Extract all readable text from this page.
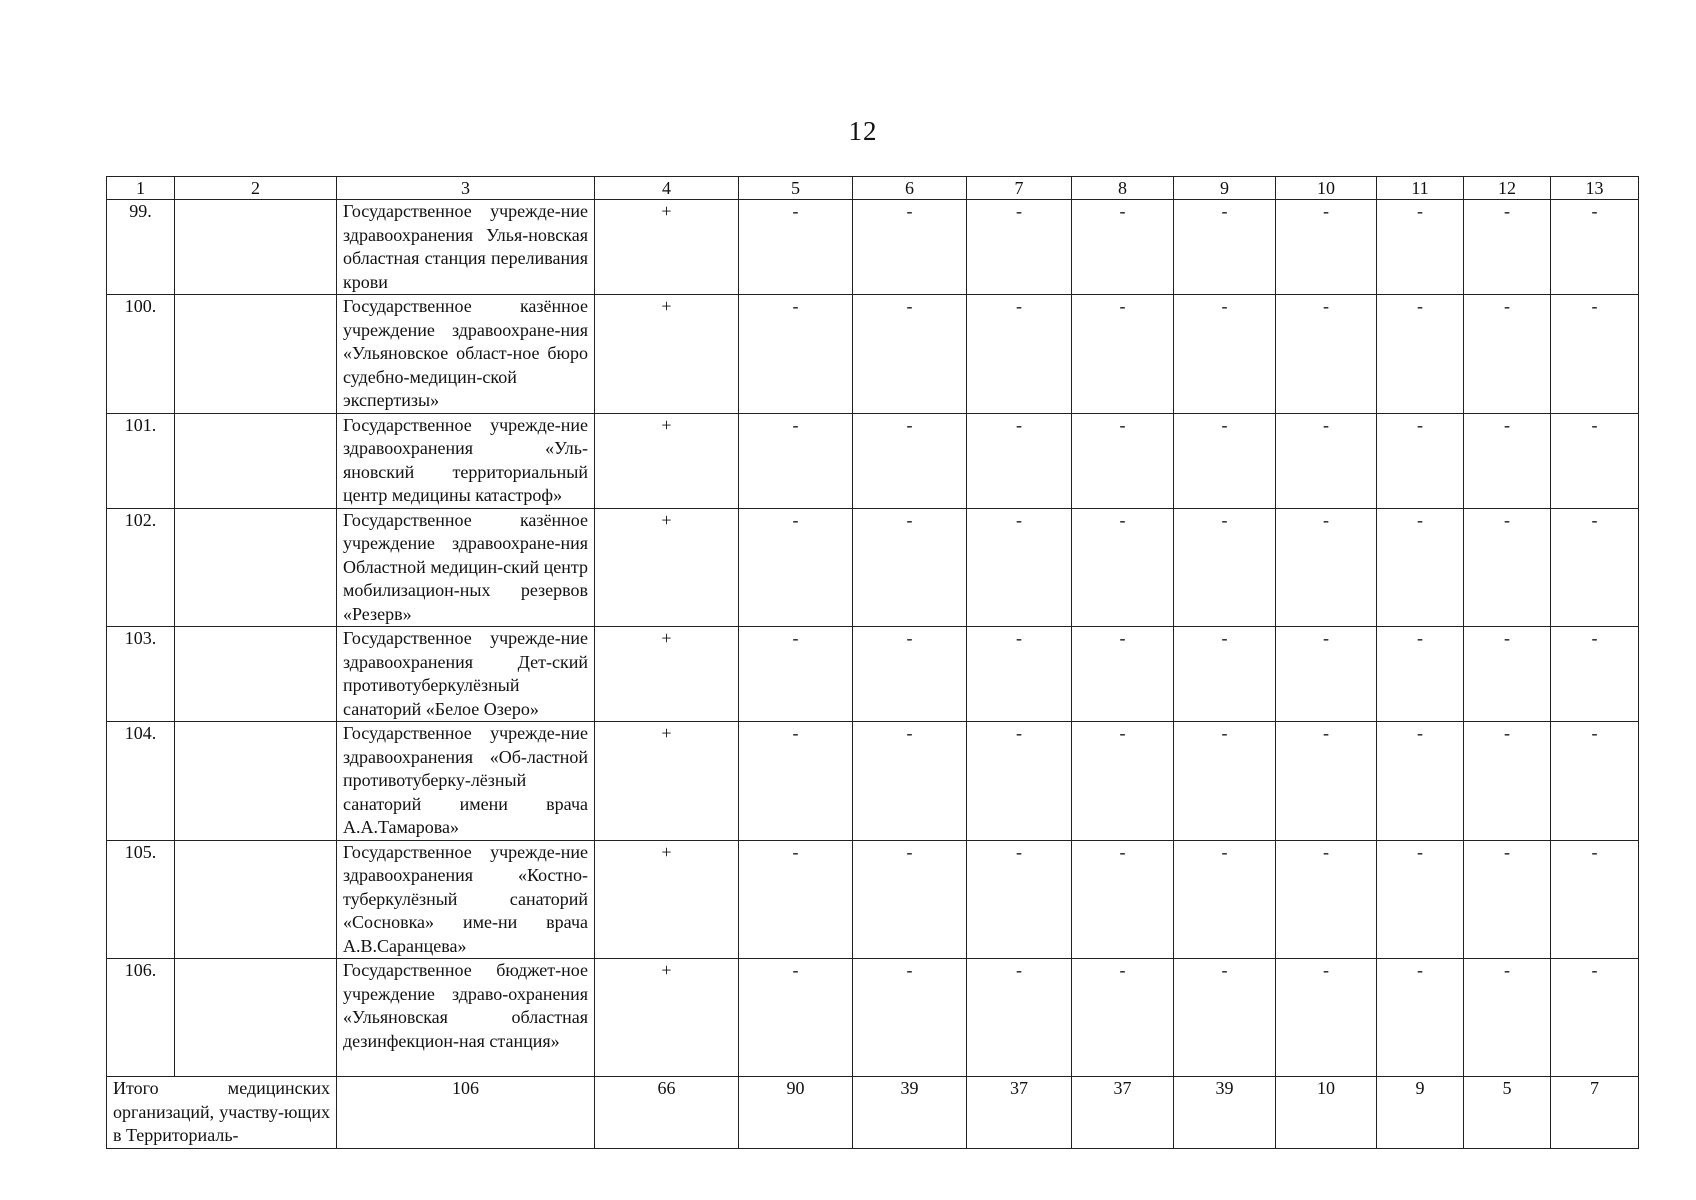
12
1	2	3	4	5	6	7	8	9	10	11	12	13
99.		Государственное учрежде-ние здравоохранения Улья-новская областная станция переливания крови	+	-	-	-	-	-	-	-	-	-
100.		Государственное казённое учреждение здравоохране-ния «Ульяновское област-ное бюро судебно-медицин-ской экспертизы»	+	-	-	-	-	-	-	-	-	-
101.		Государственное учрежде-ние здравоохранения «Уль-яновский территориальный центр медицины катастроф»	+	-	-	-	-	-	-	-	-	-
102.		Государственное казённое учреждение здравоохране-ния Областной медицин-ский центр мобилизацион-ных резервов «Резерв»	+	-	-	-	-	-	-	-	-	-
103.		Государственное учрежде-ние здравоохранения Дет-ский противотуберкулёзный санаторий «Белое Озеро»	+	-	-	-	-	-	-	-	-	-
104.		Государственное учрежде-ние здравоохранения «Об-ластной противотуберку-лёзный санаторий имени врача А.А.Тамарова»	+	-	-	-	-	-	-	-	-	-
105.		Государственное учрежде-ние здравоохранения «Костно-туберкулёзный санаторий «Сосновка» име-ни врача А.В.Саранцева»	+	-	-	-	-	-	-	-	-	-
106.		Государственное бюджет-ное учреждение здраво-охранения «Ульяновская областная дезинфекцион-ная станция»	+	-	-	-	-	-	-	-	-	-
Итого медицинских организаций, участву-ющих в Территориаль-		106	66	90	39	37	37	39	10	9	5	7
